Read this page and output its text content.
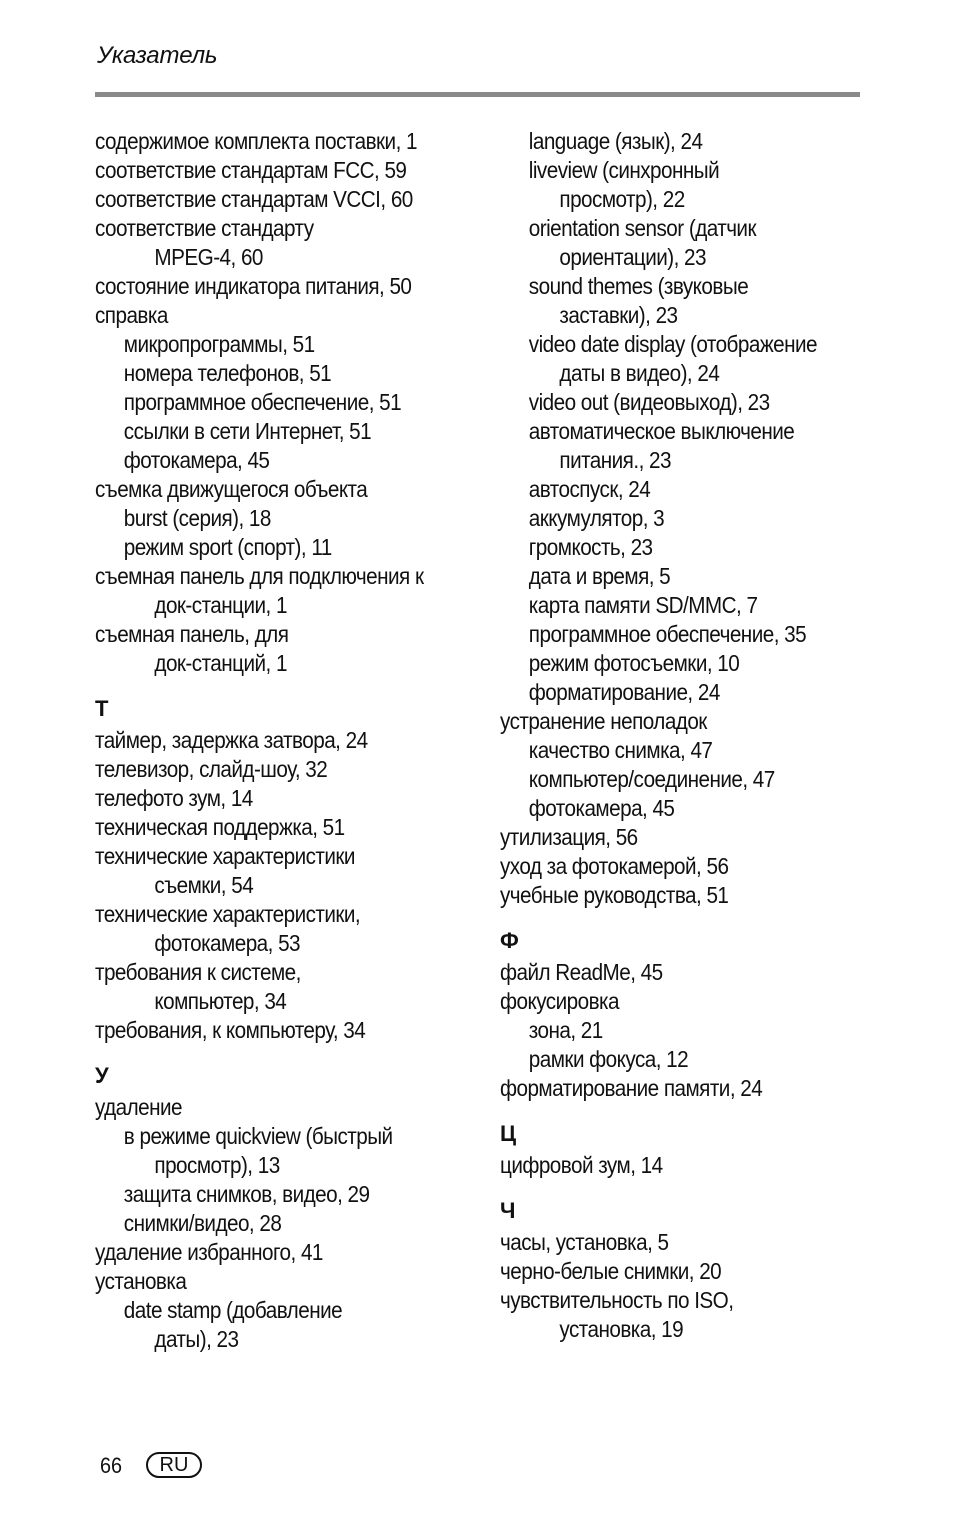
Указатель
содержимое комплекта поставки, 1
соответствие стандартам FCC, 59
соответствие стандартам VCCI, 60
соответствие стандарту
MPEG-4, 60
состояние индикатора питания, 50
справка
микропрограммы, 51
номера телефонов, 51
программное обеспечение, 51
ссылки в сети Интернет, 51
фотокамера, 45
съемка движущегося объекта
burst (серия), 18
режим sport (спорт), 11
съемная панель для подключения к
док-станции, 1
съемная панель, для
док-станций, 1
Т
таймер, задержка затвора, 24
телевизор, слайд-шоу, 32
телефото зум, 14
техническая поддержка, 51
технические характеристики
съемки, 54
технические характеристики,
фотокамера, 53
требования к системе,
компьютер, 34
требования, к компьютеру, 34
У
удаление
в режиме quickview (быстрый
просмотр), 13
защита снимков, видео, 29
снимки/видео, 28
удаление избранного, 41
установка
date stamp (добавление
даты), 23
language (язык), 24
liveview (синхронный
просмотр), 22
orientation sensor (датчик
ориентации), 23
sound themes (звуковые
заставки), 23
video date display (отображение
даты в видео), 24
video out (видеовыход), 23
автоматическое выключение
питания., 23
автоспуск, 24
аккумулятор, 3
громкость, 23
дата и время, 5
карта памяти SD/MMC, 7
программное обеспечение, 35
режим фотосъемки, 10
форматирование, 24
устранение неполадок
качество снимка, 47
компьютер/соединение, 47
фотокамера, 45
утилизация, 56
уход за фотокамерой, 56
учебные руководства, 51
Ф
файл ReadMe, 45
фокусировка
зона, 21
рамки фокуса, 12
форматирование памяти, 24
Ц
цифровой зум, 14
Ч
часы, установка, 5
черно-белые снимки, 20
чувствительность по ISO,
установка, 19
66	RU
